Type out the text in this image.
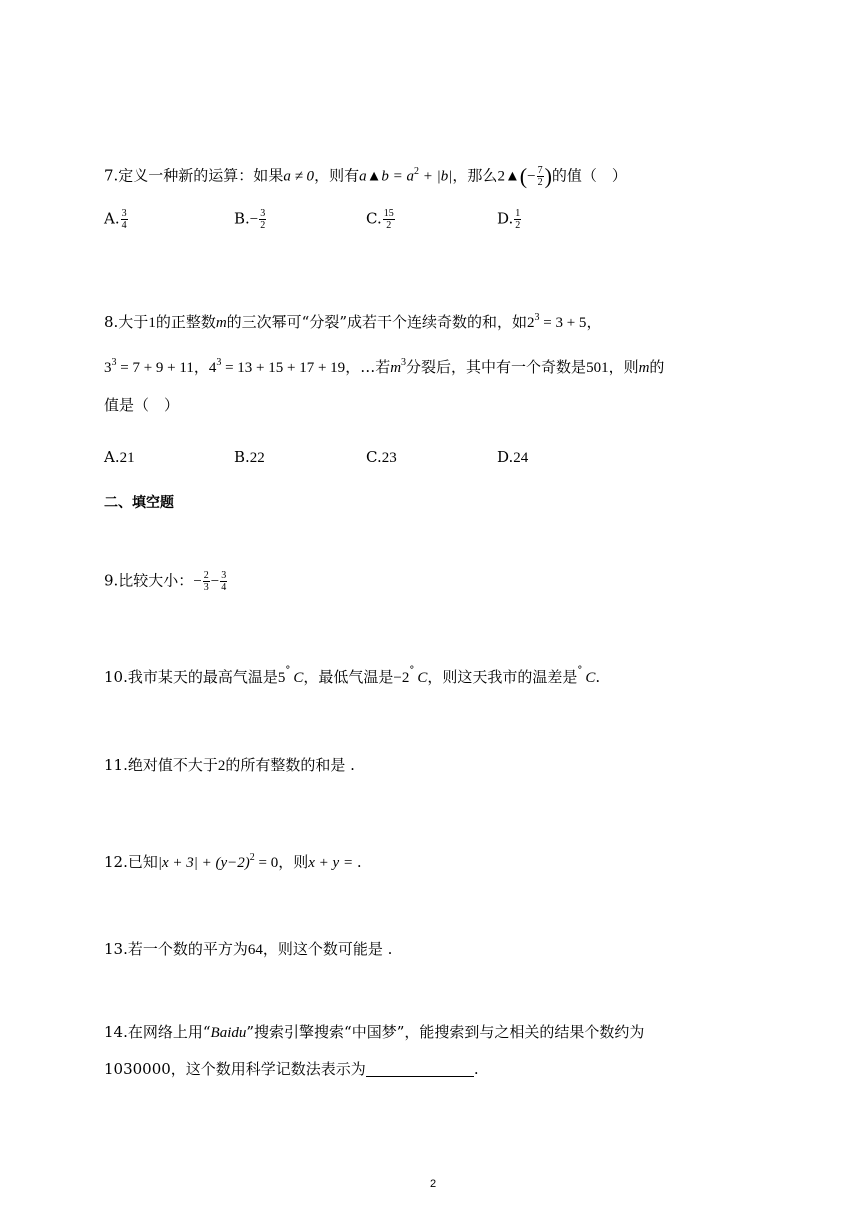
7.定义一种新的运算：如果a ≠ 0，则有a▲b = $a^2 + |b|$，那么2▲(− $\frac{7}{2}$ )的值（　）
A. $\frac{3}{4}$	$B.- \frac{3}{2}$	C. $\frac{15}{2}$	D. $\frac{1}{2}$
8.大于1的正整数m的三次幂可“分裂”成若干个连续奇数的和，如$2^3 = 3 + 5$，
$3^3 = 7 + 9 + 11$，$4^3 = 13 + 15 + 17 + 19$，…若$m^3$分裂后，其中有一个奇数是501，则m的
值是（　）
A.21	B.22	C.23	D.24
二、填空题
9.比较大小：− $\frac{2}{3} - \frac{3}{4}$
10.我市某天的最高气温是5° C，最低气温是−2° C，则这天我市的温差是° C.
11.绝对值不大于2的所有整数的和是 .
12.已知$|x + 3| + (y-2)^2 = 0$，则x + y = .
13.若一个数的平方为64，则这个数可能是 .
14.在网络上用“Baidu”搜索引擎搜索“中国梦”，能搜索到与之相关的结果个数约为
1030000，这个数用科学记数法表示为	.
2
